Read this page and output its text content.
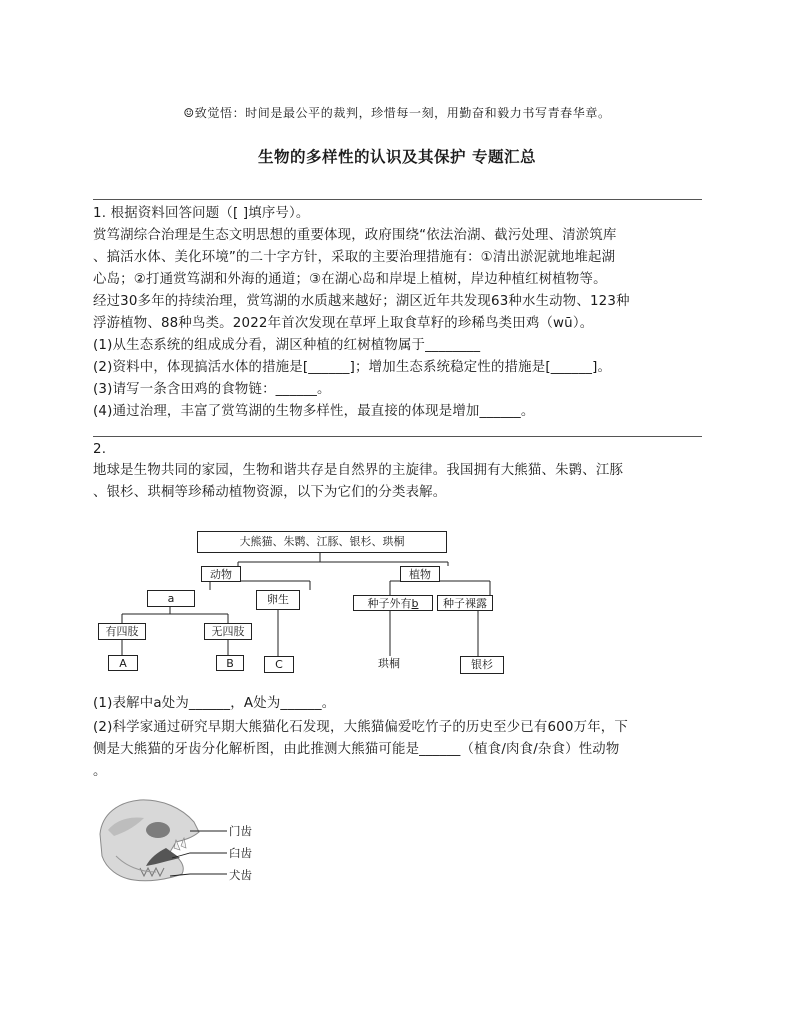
☺致觉悟：时间是最公平的裁判，珍惜每一刻，用勤奋和毅力书写青春华章。
生物的多样性的认识及其保护 专题汇总
1. 根据资料回答问题（[ ]填序号）。
赏笃湖综合治理是生态文明思想的重要体现，政府围绕“依法治湖、截污处理、清淤筑库
、搞活水体、美化环境”的二十字方针，采取的主要治理措施有：①清出淤泥就地堆起湖
心岛；②打通赏笃湖和外海的通道；③在湖心岛和岸堤上植树，岸边种植红树植物等。
经过30多年的持续治理，赏笃湖的水质越来越好；湖区近年共发现63种水生动物、123种
浮游植物、88种鸟类。2022年首次发现在草坪上取食草籽的珍稀鸟类田鸡（wū）。
(1)从生态系统的组成成分看，湖区种植的红树植物属于________
(2)资料中，体现搞活水体的措施是[______]；增加生态系统稳定性的措施是[______]。
(3)请写一条含田鸡的食物链：______。
(4)通过治理，丰富了赏笃湖的生物多样性，最直接的体现是增加______。
2.
地球是生物共同的家园，生物和谐共存是自然界的主旋律。我国拥有大熊猫、朱鹮、江豚
、银杉、珙桐等珍稀动植物资源，以下为它们的分类表解。
大熊猫、朱鹮、江豚、银杉、珙桐
动物	植物
a	卵生	种子外有b	种子裸露
有四肢	无四肢
A	B	C	珙桐	银杉
(1)表解中a处为______，A处为______。
(2)科学家通过研究早期大熊猫化石发现，大熊猫偏爱吃竹子的历史至少已有600万年，下
侧是大熊猫的牙齿分化解析图，由此推测大熊猫可能是______（植食/肉食/杂食）性动物
。
门齿
臼齿
犬齿
